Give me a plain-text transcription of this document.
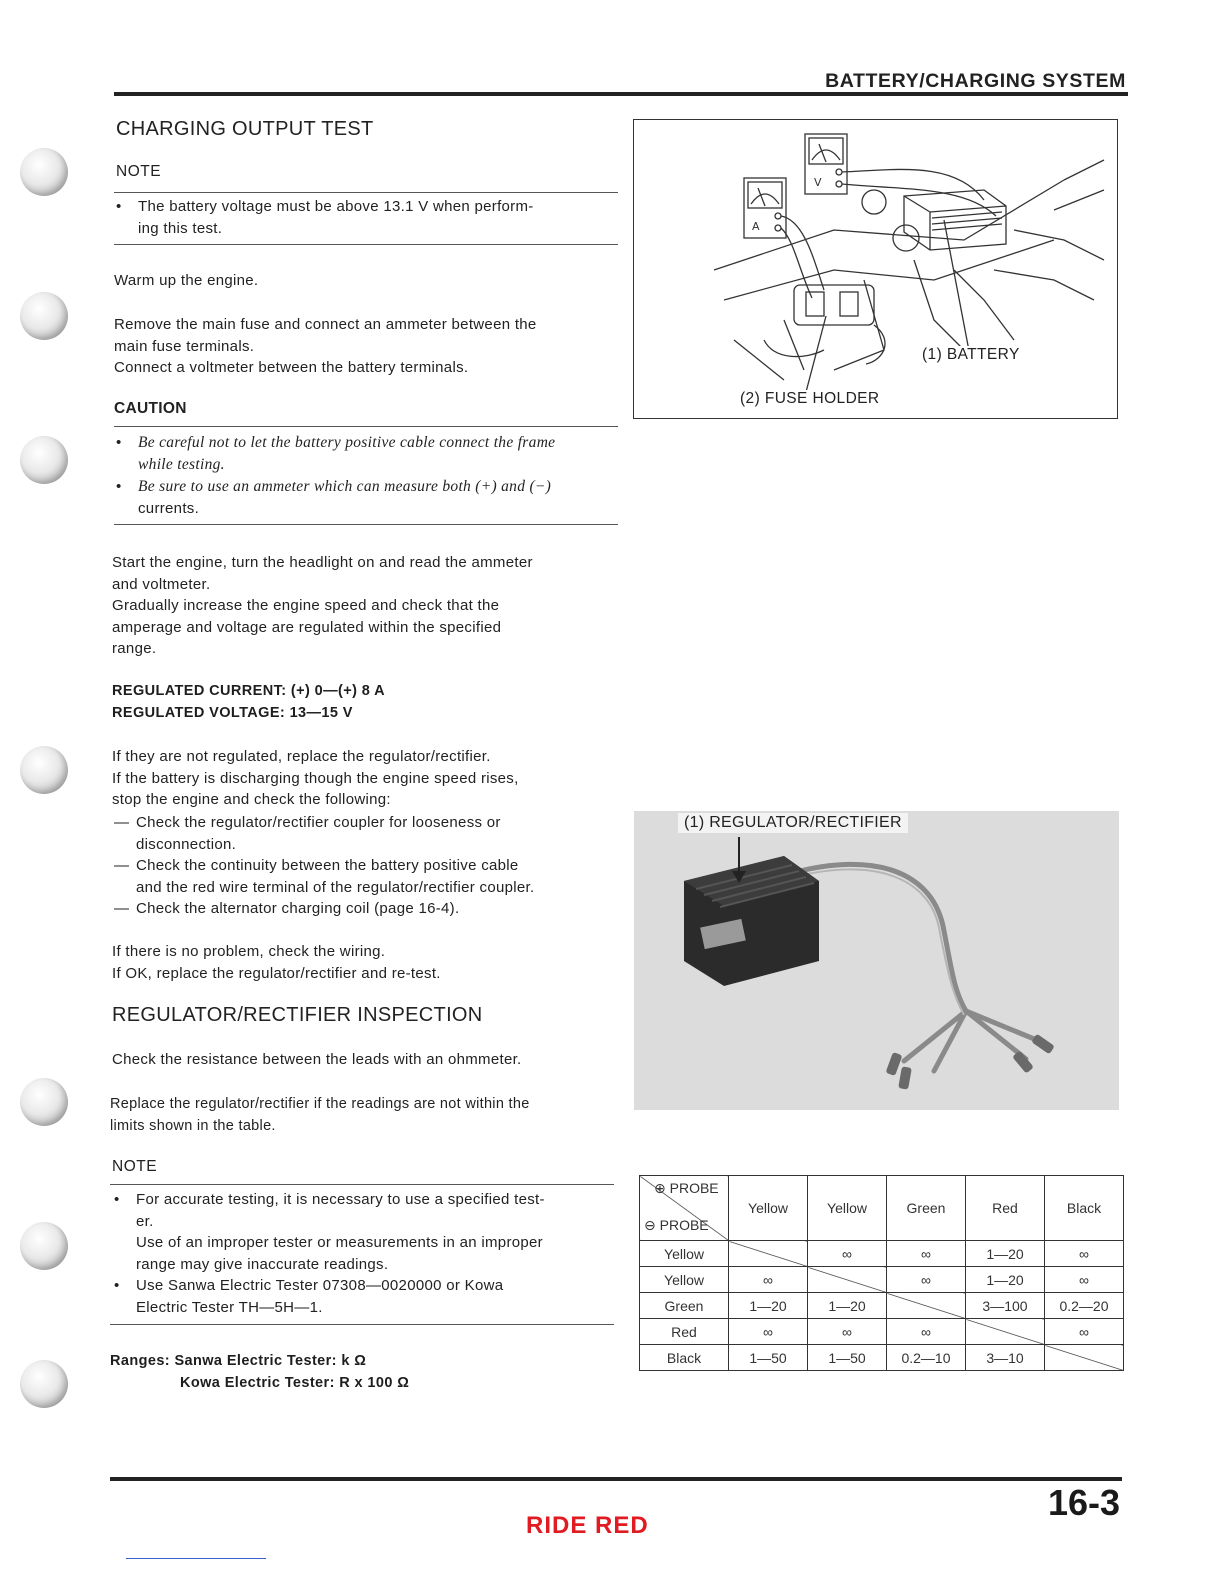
BATTERY/CHARGING SYSTEM
CHARGING OUTPUT TEST
NOTE
•	The battery voltage must be above 13.1 V when perform-
ing this test.
Warm up the engine.
Remove the main fuse and connect an ammeter between the
main fuse terminals.
Connect a voltmeter between the battery terminals.
CAUTION
•	Be careful not to let the battery positive cable connect the frame
while testing.
•	Be sure to use an ammeter which can measure both (+) and (−)
currents.
Start the engine, turn the headlight on and read the ammeter
and voltmeter.
Gradually increase the engine speed and check that the
amperage and voltage are regulated within the specified
range.
REGULATED CURRENT: (+) 0—(+) 8 A
REGULATED VOLTAGE: 13—15 V
If they are not regulated, replace the regulator/rectifier.
If the battery is discharging though the engine speed rises,
stop the engine and check the following:
— Check the regulator/rectifier coupler for looseness or
disconnection.
— Check the continuity between the battery positive cable
and the red wire terminal of the regulator/rectifier coupler.
— Check the alternator charging coil (page 16-4).
If there is no problem, check the wiring.
If OK, replace the regulator/rectifier and re-test.
REGULATOR/RECTIFIER INSPECTION
Check the resistance between the leads with an ohmmeter.
Replace the regulator/rectifier if the readings are not within the
limits shown in the table.
NOTE
•	For accurate testing, it is necessary to use a specified test-
er.
Use of an improper tester or measurements in an improper
range may give inaccurate readings.
•	Use Sanwa Electric Tester 07308—0020000 or Kowa
Electric Tester TH—5H—1.
Ranges: Sanwa Electric Tester: k Ω
Kowa Electric Tester: R x 100 Ω
V
A
(1) BATTERY
(2) FUSE HOLDER
(1) REGULATOR/RECTIFIER
⊕ PROBE
⊖ PROBE	Yellow	Yellow	Green	Red	Black
Yellow		∞	∞	1—20	∞
Yellow	∞		∞	1—20	∞
Green	1—20	1—20		3—100	0.2—20
Red	∞	∞	∞		∞
Black	1—50	1—50	0.2—10	3—10	
RIDE RED
16-3
